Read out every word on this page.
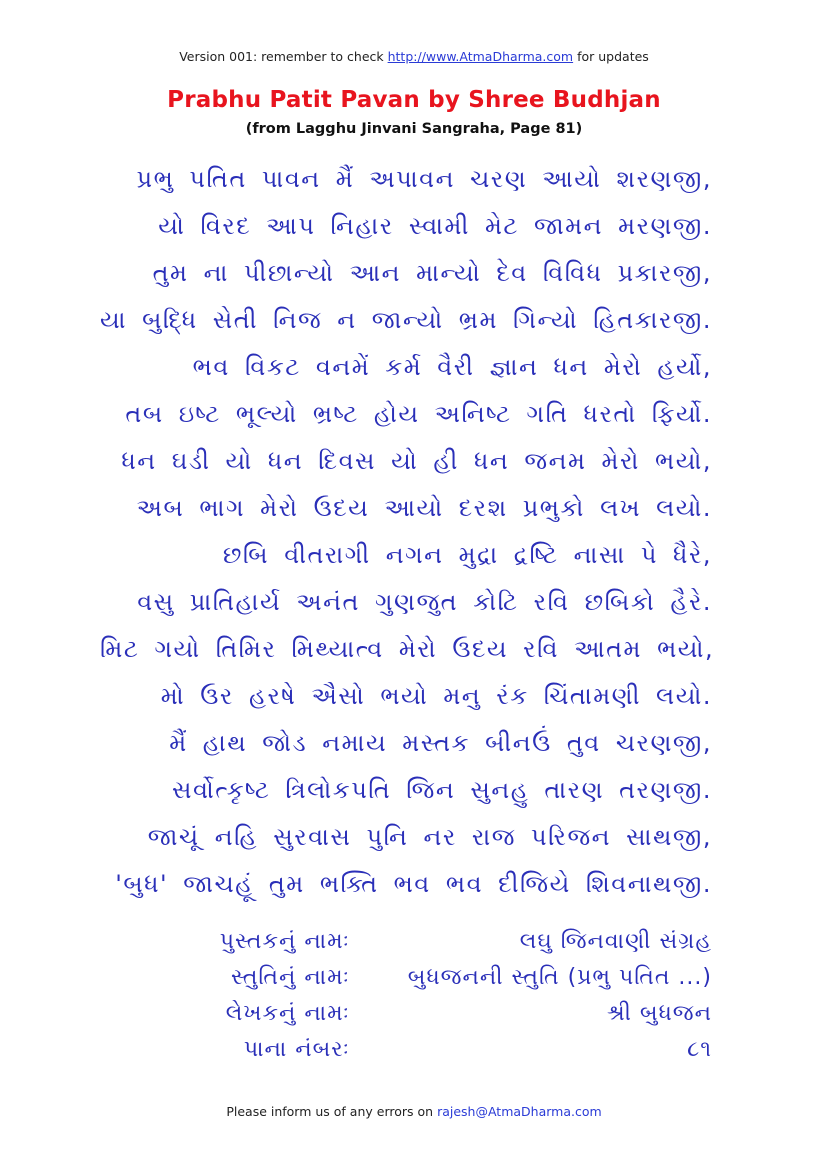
Version 001: remember to check http://www.AtmaDharma.com for updates
Prabhu Patit Pavan by Shree Budhjan
(from Lagghu Jinvani Sangraha, Page 81)
પ્રભુ પતિત પાવન મૈં અપાવન ચરણ આયો શરણજી,
યો વિરદ આપ નિહાર સ્વામી મેટ જામન મરણજી.
તુમ ના પીછાન્યો આન માન્યો દેવ વિવિધ પ્રકારજી,
યા બુદ્ધિ સેતી નિજ ન જાન્યો ભ્રમ ગિન્યો હિતકારજી.
ભવ વિકટ વનમેં કર્મ વૈરી જ્ઞાન ધન મેરો હર્યો,
તબ ઇષ્ટ ભૂલ્યો ભ્રષ્ટ હોય અનિષ્ટ ગતિ ધરતો ફિર્યો.
ધન ઘડી યો ધન દિવસ યો હી ધન જનમ મેરો ભયો,
અબ ભાગ મેરો ઉદય આયો દરશ પ્રભુકો લખ લયો.
છબિ વીતરાગી નગન મુદ્રા દ્રષ્ટિ નાસા પે ધૈરે,
વસુ પ્રાતિહાર્ય અનંત ગુણજુત કોટિ રવિ છબિકો હૈરે.
મિટ ગયો તિમિર મિથ્યાત્વ મેરો ઉદય રવિ આતમ ભયો,
મો ઉર હરષે ઐસો ભયો મનુ રંક ચિંતામણી લયો.
મૈં હાથ જોડ નમાય મસ્તક બીનઉં તુવ ચરણજી,
સર્વોત્કૃષ્ટ ત્રિલોકપતિ જિન સુનહુ તારણ તરણજી.
જાચૂં નહિ સુરવાસ પુનિ નર રાજ પરિજન સાથજી,
'બુધ' જાચહૂં તુમ ભક્તિ ભવ ભવ દીજિયે શિવનાથજી.
પુસ્તકનું નામઃ	લઘુ જિનવાણી સંગ્રહ
સ્તુતિનું નામઃ	બુધજનની સ્તુતિ (પ્રભુ પતિત ...)
લેખકનું નામઃ	શ્રી બુધજન
પાના નંબરઃ	૮૧
Please inform us of any errors on rajesh@AtmaDharma.com
